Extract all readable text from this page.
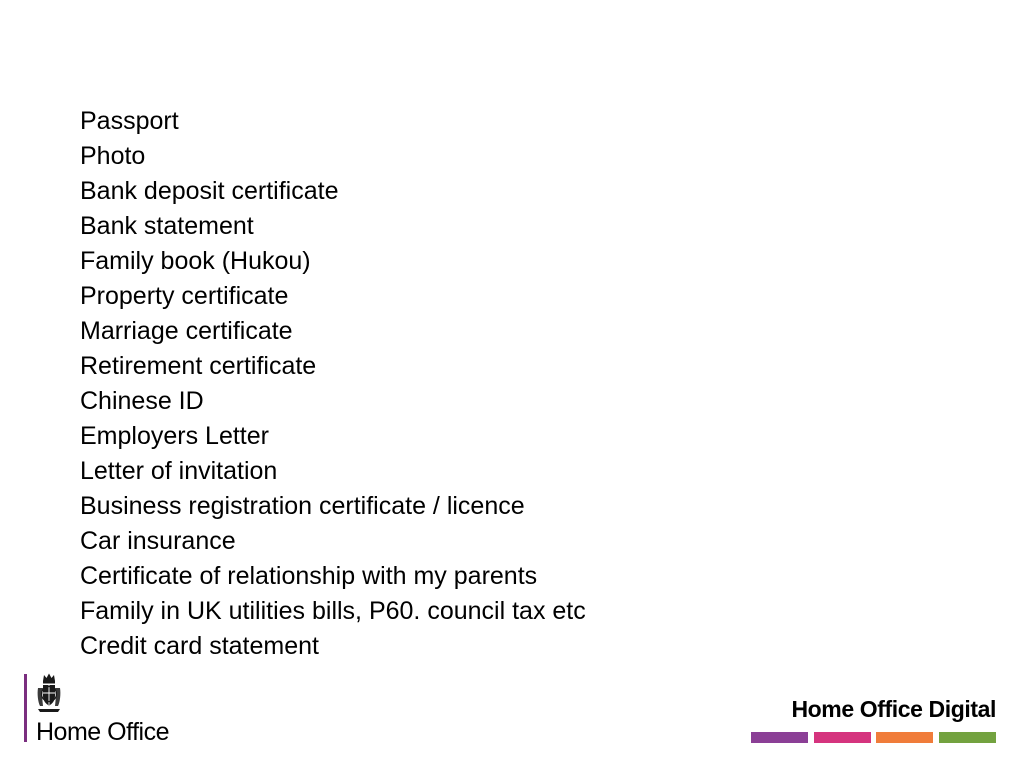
Passport
Photo
Bank deposit certificate
Bank statement
Family book (Hukou)
Property certificate
Marriage certificate
Retirement certificate
Chinese ID
Employers Letter
Letter of invitation
Business registration certificate / licence
Car insurance
Certificate of relationship with my parents
Family in UK utilities bills, P60. council tax etc
Credit card statement
Home Office
Home Office Digital
